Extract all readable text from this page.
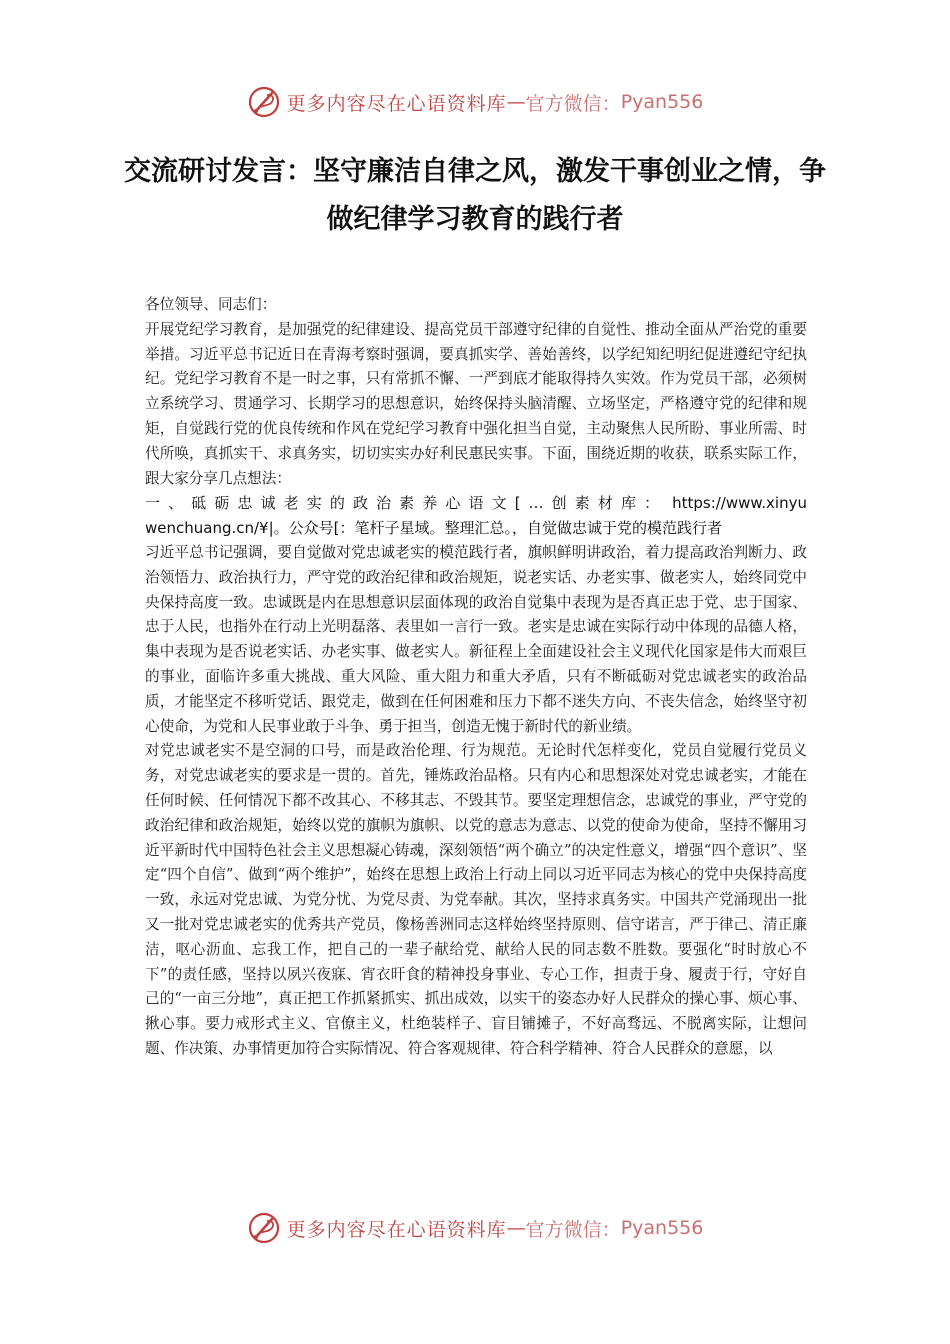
更多内容尽在心语资料库 — 官方微信： Pyan556
交流研讨发言：坚守廉洁自律之风，激发干事创业之情，争做纪律学习教育的践行者

各位领导、同志们：

开展党纪学习教育，是加强党的纪律建设、提高党员干部遵守纪律的自觉性、推动全面从严治党的重要举措。习近平总书记近日在青海考察时强调，要真抓实学、善始善终，以学纪知纪明纪促进遵纪守纪执纪。党纪学习教育不是一时之事，只有常抓不懈、一严到底才能取得持久实效。作为党员干部，必须树立系统学习、贯通学习、长期学习的思想意识，始终保持头脑清醒、立场坚定，严格遵守党的纪律和规矩，自觉践行党的优良传统和作风在党纪学习教育中强化担当自觉，主动聚焦人民所盼、事业所需、时代所唤，真抓实干、求真务实，切切实实办好利民惠民实事。下面，围绕近期的收获，联系实际工作，跟大家分享几点想法：

一、砥砺忠诚老实的政治素养心语文[…创素材库： https://www.xinyuwenchuang.cn/¥|。公众号[：笔杆子星域。整理汇总。，自觉做忠诚于党的模范践行者

习近平总书记强调，要自觉做对党忠诚老实的模范践行者，旗帜鲜明讲政治，着力提高政治判断力、政治领悟力、政治执行力，严守党的政治纪律和政治规矩，说老实话、办老实事、做老实人，始终同党中央保持高度一致。忠诚既是内在思想意识层面体现的政治自觉集中表现为是否真正忠于党、忠于国家、忠于人民，也指外在行动上光明磊落、表里如一言行一致。老实是忠诚在实际行动中体现的品德人格，集中表现为是否说老实话、办老实事、做老实人。新征程上全面建设社会主义现代化国家是伟大而艰巨的事业，面临许多重大挑战、重大风险、重大阻力和重大矛盾，只有不断砥砺对党忠诚老实的政治品质，才能坚定不移听党话、跟党走，做到在任何困难和压力下都不迷失方向、不丧失信念，始终坚守初心使命，为党和人民事业敢于斗争、勇于担当，创造无愧于新时代的新业绩。

对党忠诚老实不是空洞的口号，而是政治伦理、行为规范。无论时代怎样变化，党员自觉履行党员义务，对党忠诚老实的要求是一贯的。首先，锤炼政治品格。只有内心和思想深处对党忠诚老实，才能在任何时候、任何情况下都不改其心、不移其志、不毁其节。要坚定理想信念，忠诚党的事业，严守党的政治纪律和政治规矩，始终以党的旗帜为旗帜、以党的意志为意志、以党的使命为使命，坚持不懈用习近平新时代中国特色社会主义思想凝心铸魂，深刻领悟“两个确立”的决定性意义，增强“四个意识”、坚定“四个自信”、做到“两个维护”，始终在思想上政治上行动上同以习近平同志为核心的党中央保持高度一致，永远对党忠诚、为党分忧、为党尽责、为党奉献。其次，坚持求真务实。中国共产党涌现出一批又一批对党忠诚老实的优秀共产党员，像杨善洲同志这样始终坚持原则、信守诺言，严于律己、清正廉洁，呕心沥血、忘我工作，把自己的一辈子献给党、献给人民的同志数不胜数。要强化“时时放心不下”的责任感，坚持以夙兴夜寐、宵衣旰食的精神投身事业、专心工作，担责于身、履责于行，守好自己的“一亩三分地”，真正把工作抓紧抓实、抓出成效，以实干的姿态办好人民群众的操心事、烦心事、揪心事。要力戒形式主义、官僚主义，杜绝装样子、盲目铺摊子，不好高骛远、不脱离实际，让想问题、作决策、办事情更加符合实际情况、符合客观规律、符合科学精神、符合人民群众的意愿，以

更多内容尽在心语资料库 — 官方微信： Pyan556
